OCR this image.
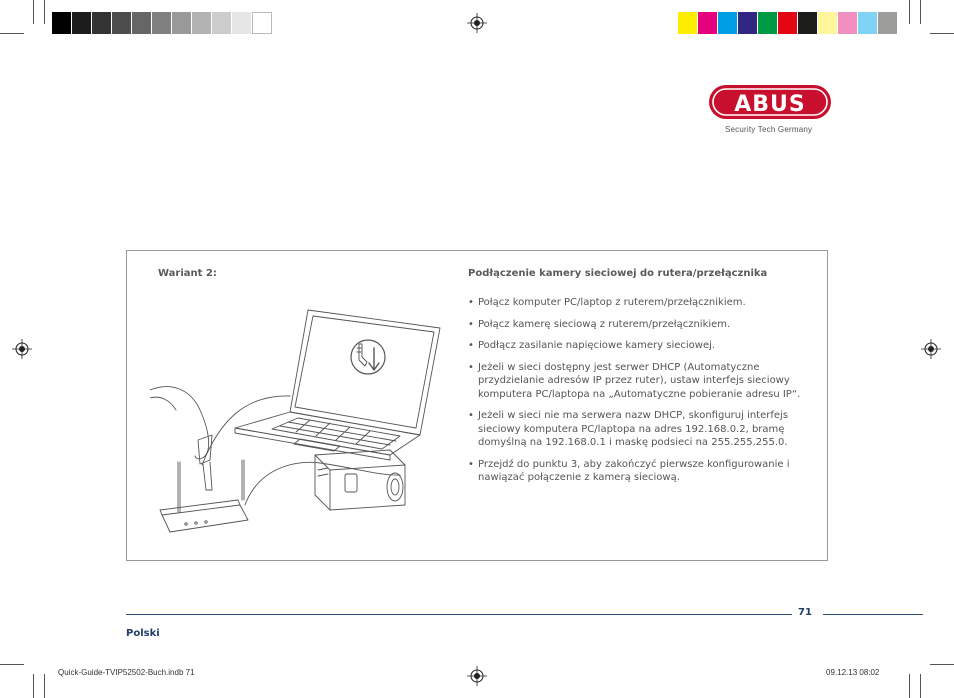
ABUS
Security Tech Germany
Wariant 2:	Podłączenie kamery sieciowej do rutera/przełącznika
• Połącz komputer PC/laptop z ruterem/przełącznikiem.
• Połącz kamerę sieciową z ruterem/przełącznikiem.
• Podłącz zasilanie napięciowe kamery sieciowej.
• Jeżeli w sieci dostępny jest serwer DHCP (Automatyczne przydzielanie adresów IP przez ruter), ustaw interfejs sieciowy komputera PC/laptopa na „Automatyczne pobieranie adresu IP“.
• Jeżeli w sieci nie ma serwera nazw DHCP, skonfiguruj interfejs sieciowy komputera PC/laptopa na adres 192.168.0.2, bramę domyślną na 192.168.0.1 i maskę podsieci na 255.255.255.0.
• Przejdź do punktu 3, aby zakończyć pierwsze konfigurowanie i nawiązać połączenie z kamerą sieciową.
71
Polski
Quick-Guide-TVIP52502-Buch.indb 71	09.12.13 08:02
